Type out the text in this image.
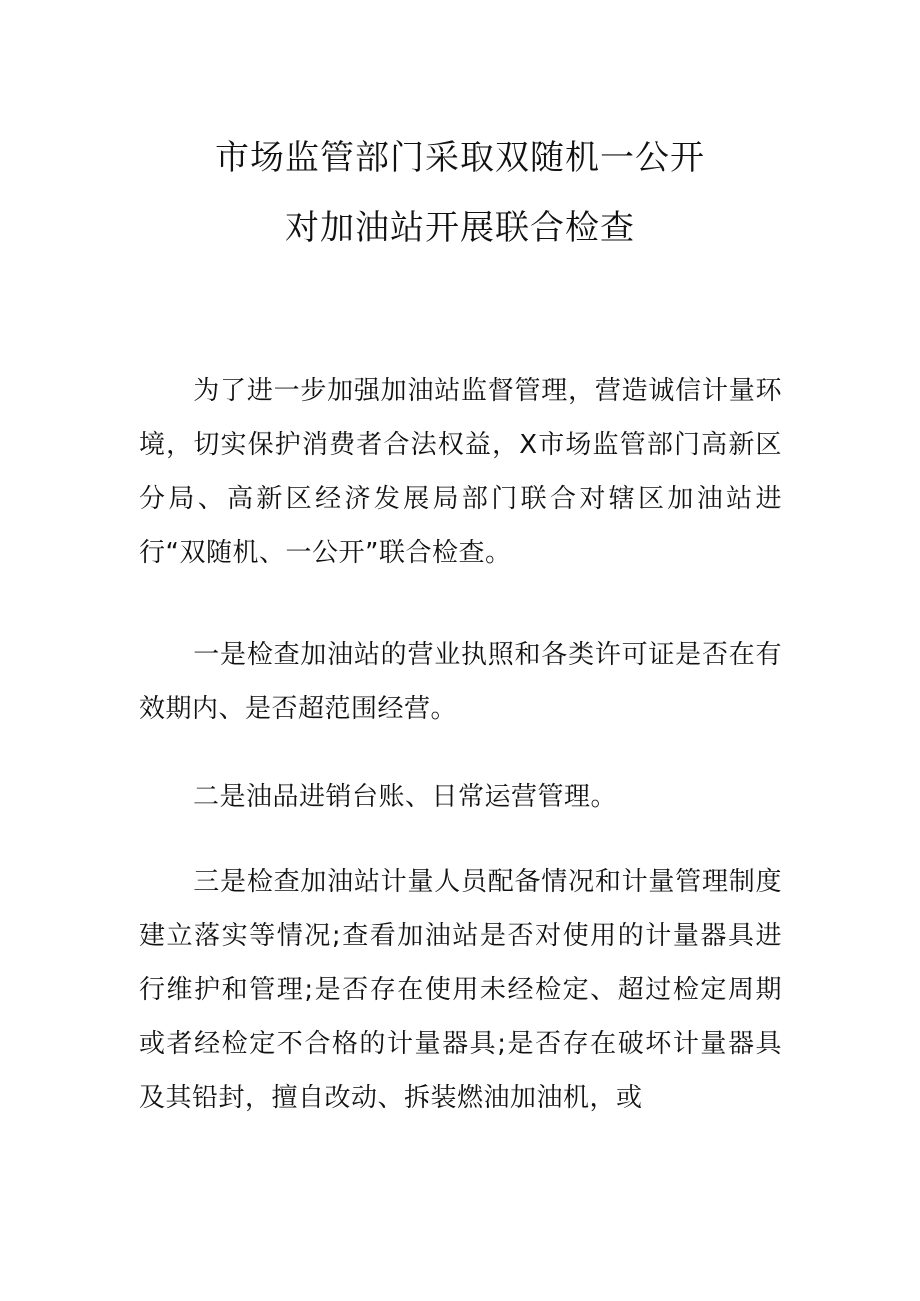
市场监管部门采取双随机一公开
对加油站开展联合检查
为了进一步加强加油站监督管理，营造诚信计量环境，切实保护消费者合法权益，X市场监管部门高新区分局、高新区经济发展局部门联合对辖区加油站进行“双随机、一公开”联合检查。
一是检查加油站的营业执照和各类许可证是否在有效期内、是否超范围经营。
二是油品进销台账、日常运营管理。
三是检查加油站计量人员配备情况和计量管理制度建立落实等情况;查看加油站是否对使用的计量器具进行维护和管理;是否存在使用未经检定、超过检定周期或者经检定不合格的计量器具;是否存在破坏计量器具及其铅封，擅自改动、拆装燃油加油机，或
